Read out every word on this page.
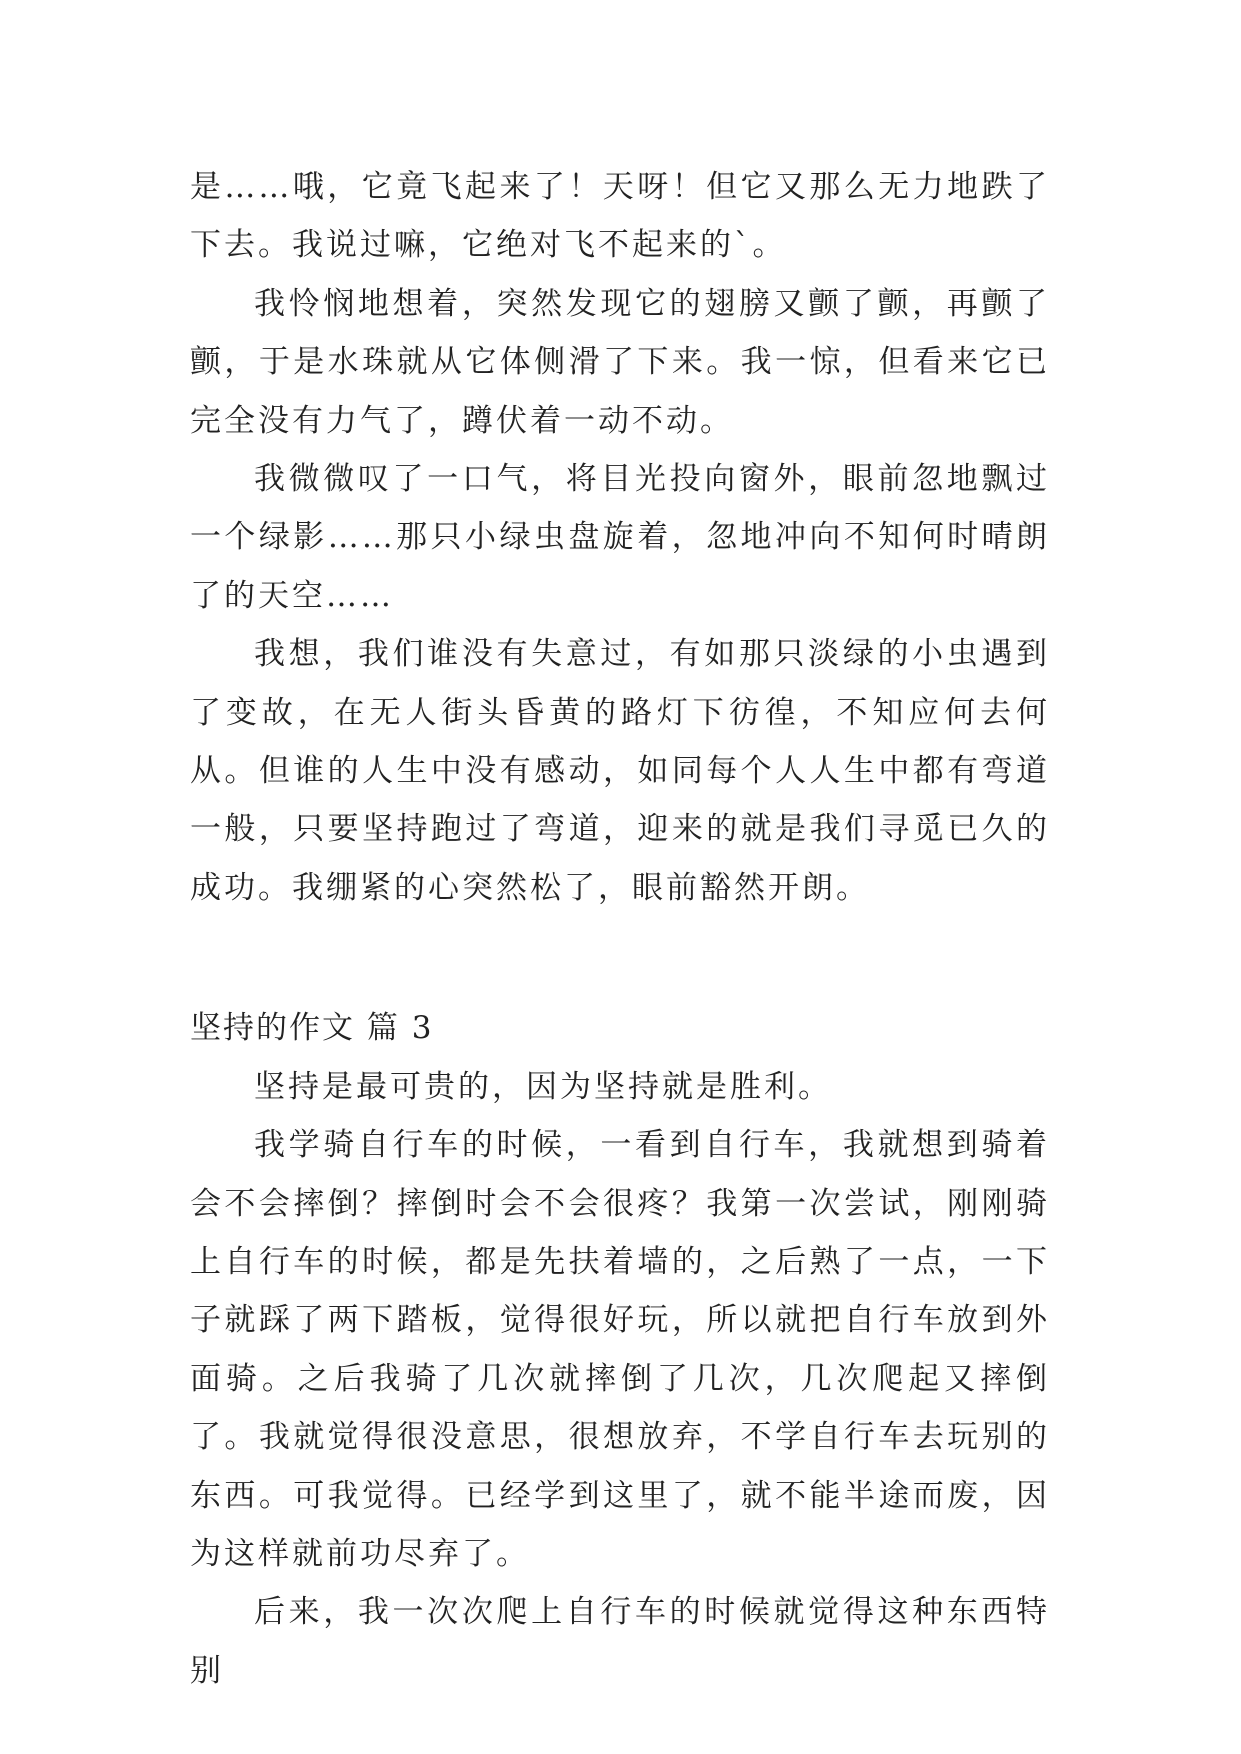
是……哦，它竟飞起来了！天呀！但它又那么无力地跌了下去。我说过嘛，它绝对飞不起来的`。

我怜悯地想着，突然发现它的翅膀又颤了颤，再颤了颤，于是水珠就从它体侧滑了下来。我一惊，但看来它已完全没有力气了，蹲伏着一动不动。

我微微叹了一口气，将目光投向窗外，眼前忽地飘过一个绿影……那只小绿虫盘旋着，忽地冲向不知何时晴朗了的天空……

我想，我们谁没有失意过，有如那只淡绿的小虫遇到了变故，在无人街头昏黄的路灯下彷徨，不知应何去何从。但谁的人生中没有感动，如同每个人人生中都有弯道一般，只要坚持跑过了弯道，迎来的就是我们寻觅已久的成功。我绷紧的心突然松了，眼前豁然开朗。

坚持的作文 篇 3

坚持是最可贵的，因为坚持就是胜利。

我学骑自行车的时候，一看到自行车，我就想到骑着会不会摔倒？摔倒时会不会很疼？我第一次尝试，刚刚骑上自行车的时候，都是先扶着墙的，之后熟了一点，一下子就踩了两下踏板，觉得很好玩，所以就把自行车放到外面骑。之后我骑了几次就摔倒了几次，几次爬起又摔倒了。我就觉得很没意思，很想放弃，不学自行车去玩别的东西。可我觉得。已经学到这里了，就不能半途而废，因为这样就前功尽弃了。

后来，我一次次爬上自行车的时候就觉得这种东西特别
